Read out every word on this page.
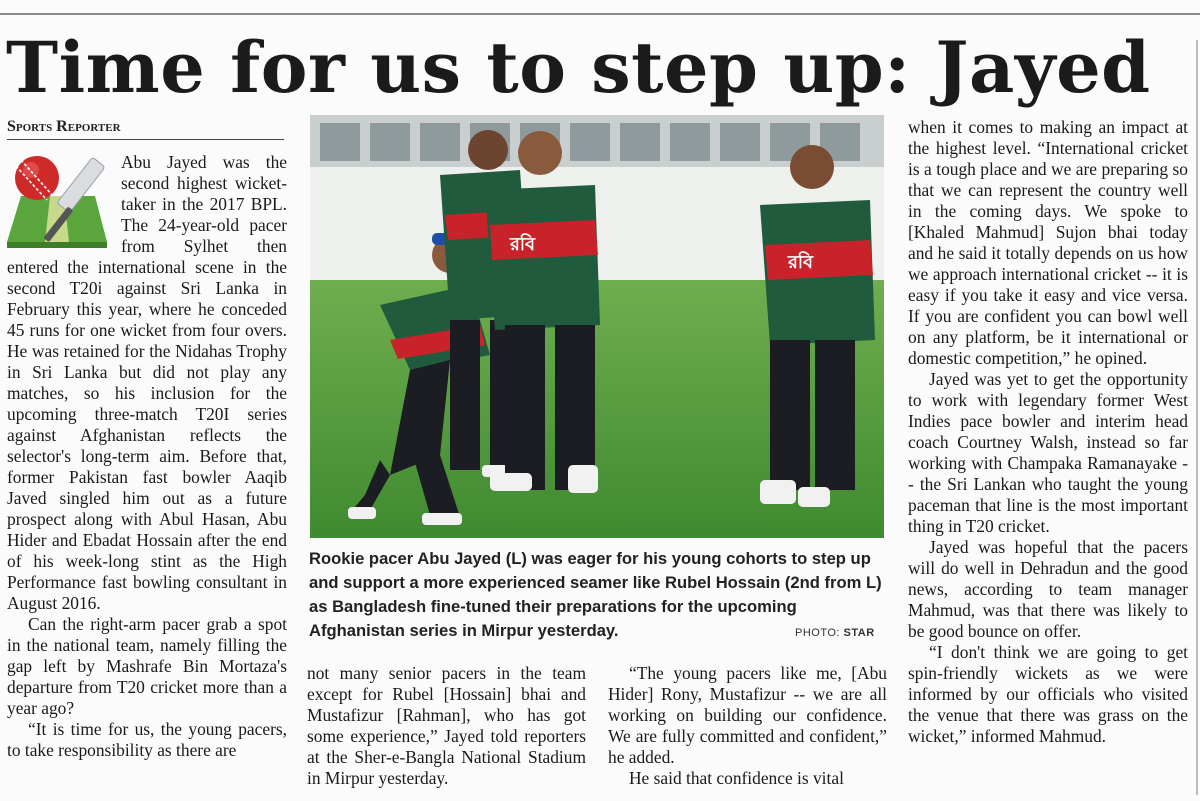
Time for us to step up: Jayed
Sports Reporter

Abu Jayed was the second highest wicket-taker in the 2017 BPL. The 24-year-old pacer from Sylhet then entered the international scene in the second T20i against Sri Lanka in February this year, where he conceded 45 runs for one wicket from four overs. He was retained for the Nidahas Trophy in Sri Lanka but did not play any matches, so his inclusion for the upcoming three-match T20I series against Afghanistan reflects the selector's long-term aim. Before that, former Pakistan fast bowler Aaqib Javed singled him out as a future prospect along with Abul Hasan, Abu Hider and Ebadat Hossain after the end of his week-long stint as the High Performance fast bowling consultant in August 2016.

Can the right-arm pacer grab a spot in the national team, namely filling the gap left by Mashrafe Bin Mortaza's departure from T20 cricket more than a year ago?

“It is time for us, the young pacers, to take responsibility as there are

রবি
রবি
Rookie pacer Abu Jayed (L) was eager for his young cohorts to step up and support a more experienced seamer like Rubel Hossain (2nd from L) as Bangladesh fine-tuned their preparations for the upcoming Afghanistan series in Mirpur yesterday.	PHOTO: STAR

not many senior pacers in the team except for Rubel [Hossain] bhai and Mustafizur [Rahman], who has got some experience,” Jayed told reporters at the Sher-e-Bangla National Stadium in Mirpur yesterday.

“The young pacers like me, [Abu Hider] Rony, Mustafizur -- we are all working on building our confidence. We are fully committed and confident,” he added.

He said that confidence is vital

when it comes to making an impact at the highest level. “International cricket is a tough place and we are preparing so that we can represent the country well in the coming days. We spoke to [Khaled Mahmud] Sujon bhai today and he said it totally depends on us how we approach international cricket -- it is easy if you take it easy and vice versa. If you are confident you can bowl well on any platform, be it international or domestic competition,” he opined.

Jayed was yet to get the opportunity to work with legendary former West Indies pace bowler and interim head coach Courtney Walsh, instead so far working with Champaka Ramanayake -- the Sri Lankan who taught the young paceman that line is the most important thing in T20 cricket.

Jayed was hopeful that the pacers will do well in Dehradun and the good news, according to team manager Mahmud, was that there was likely to be good bounce on offer.

“I don't think we are going to get spin-friendly wickets as we were informed by our officials who visited the venue that there was grass on the wicket,” informed Mahmud.
